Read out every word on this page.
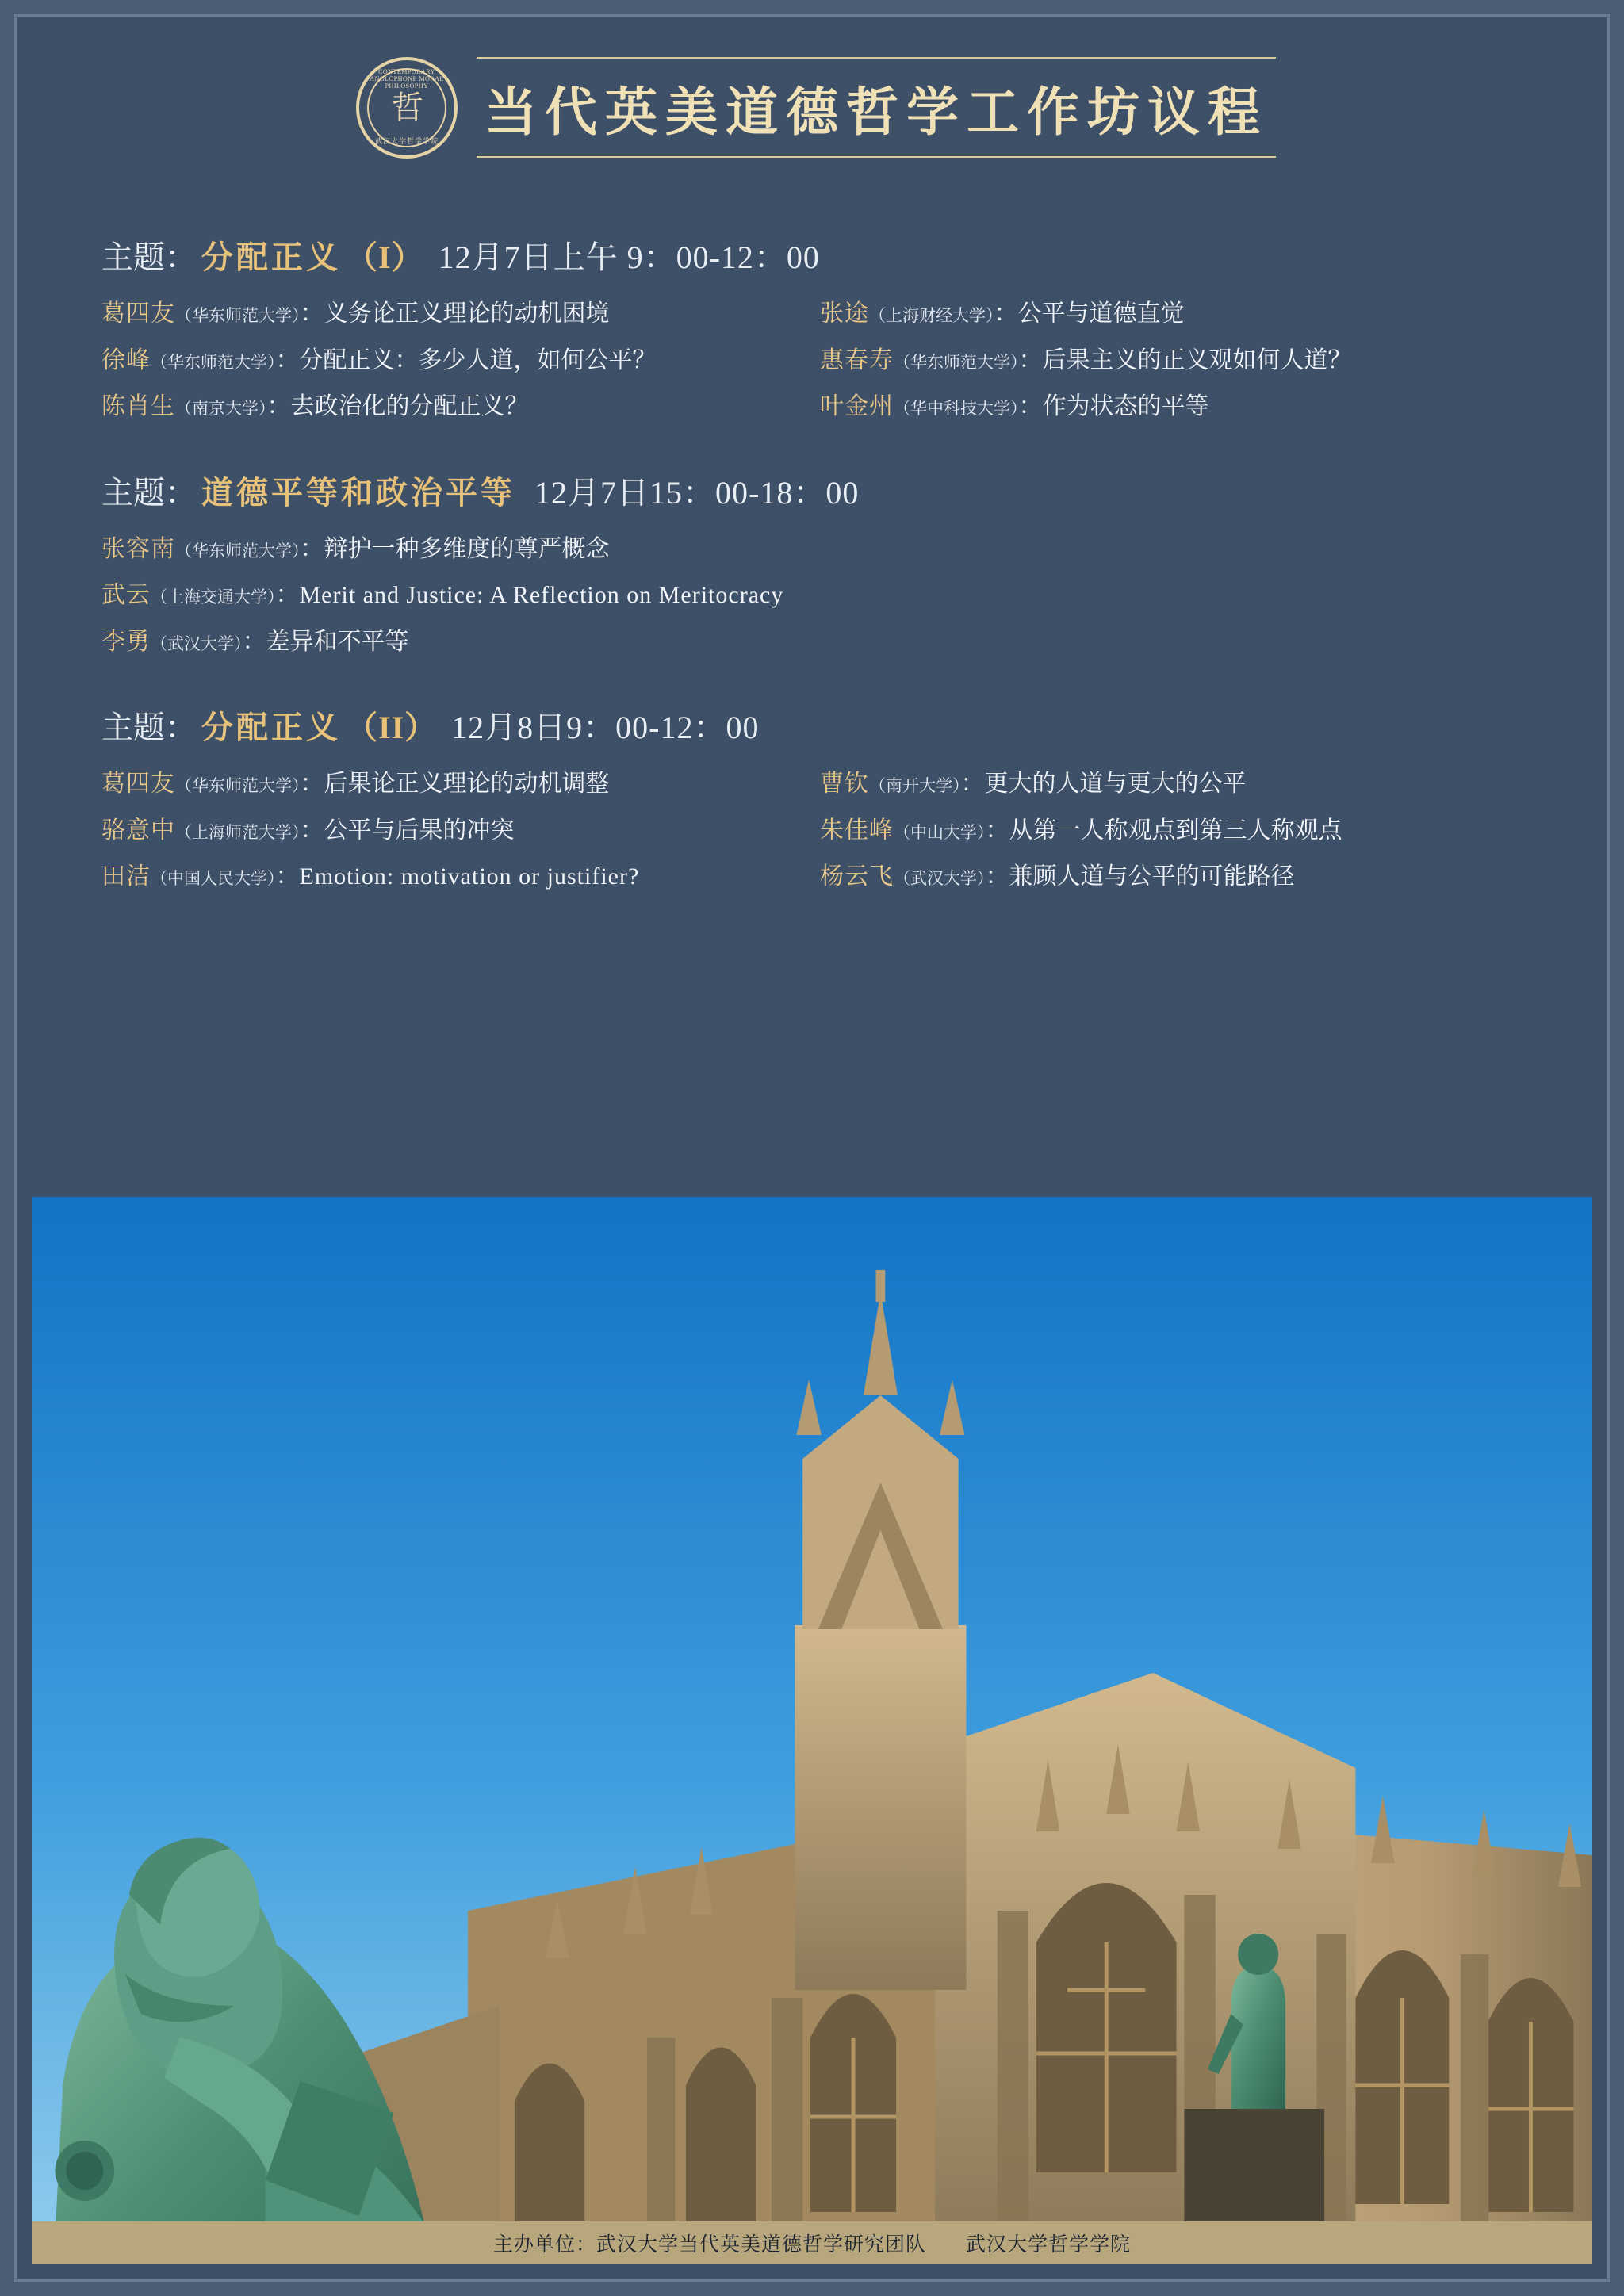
CONTEMPORARY ANGLOPHONE MORAL PHILOSOPHY
哲
武汉大学哲学学院 当代英美道德哲学工作坊议程
主题： 分配正义 （I） 12月7日上午 9：00-12：00
葛四友（华东师范大学）：义务论正义理论的动机困境	张途（上海财经大学）：公平与道德直觉
徐峰（华东师范大学）：分配正义：多少人道，如何公平？	惠春寿（华东师范大学）：后果主义的正义观如何人道？
陈肖生（南京大学）：去政治化的分配正义？	叶金州（华中科技大学）：作为状态的平等
主题： 道德平等和政治平等 12月7日15：00-18：00
张容南（华东师范大学）：辩护一种多维度的尊严概念
武云（上海交通大学）：Merit and Justice: A Reflection on Meritocracy
李勇（武汉大学）：差异和不平等
主题： 分配正义 （II） 12月8日9：00-12：00
葛四友（华东师范大学）：后果论正义理论的动机调整	曹钦（南开大学）：更大的人道与更大的公平
骆意中（上海师范大学）：公平与后果的冲突	朱佳峰（中山大学）：从第一人称观点到第三人称观点
田洁（中国人民大学）：Emotion: motivation or justifier?	杨云飞（武汉大学）：兼顾人道与公平的可能路径
主办单位：武汉大学当代英美道德哲学研究团队 武汉大学哲学学院
